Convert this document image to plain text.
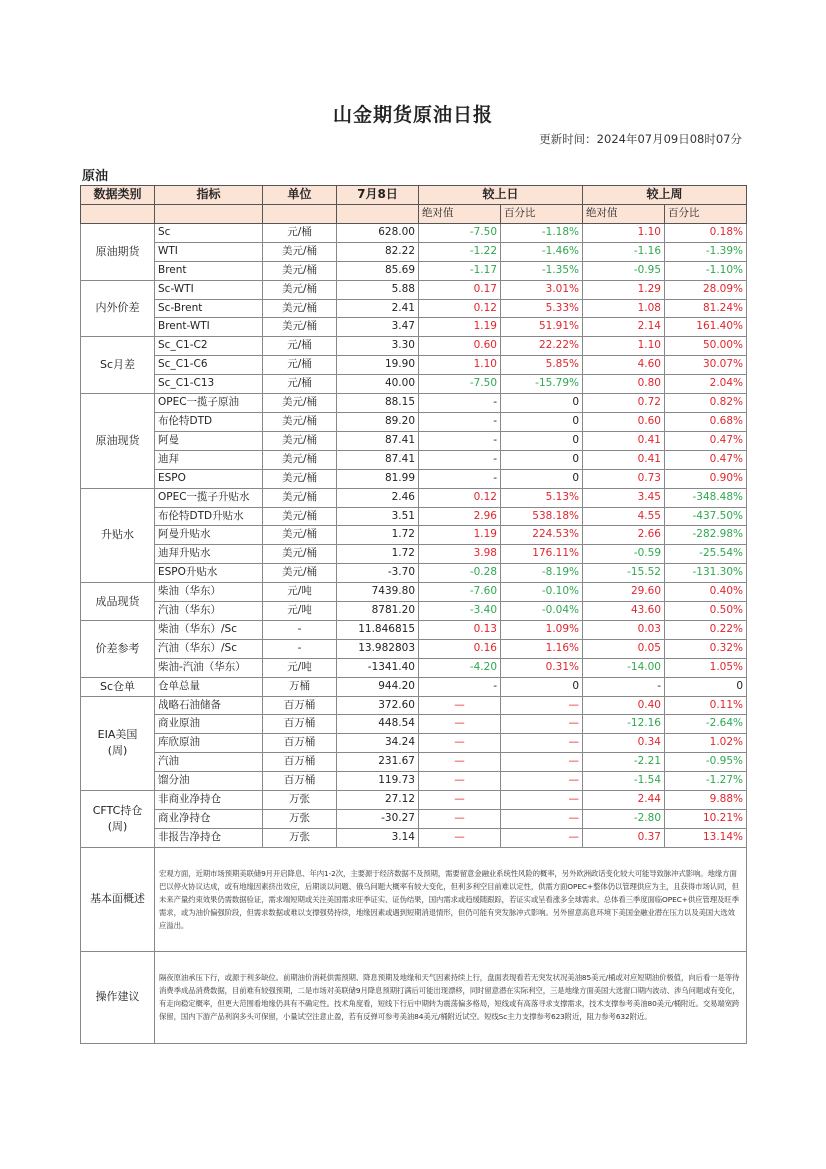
山金期货原油日报
更新时间：2024年07月09日08时07分
原油
数据类别	指标	单位	7月8日	较上日		较上周	
				绝对值	百分比	绝对值	百分比
原油期货	Sc	元/桶	628.00	-7.50	-1.18%	1.10	0.18%
	WTI	美元/桶	82.22	-1.22	-1.46%	-1.16	-1.39%
	Brent	美元/桶	85.69	-1.17	-1.35%	-0.95	-1.10%
内外价差	Sc-WTI	美元/桶	5.88	0.17	3.01%	1.29	28.09%
	Sc-Brent	美元/桶	2.41	0.12	5.33%	1.08	81.24%
	Brent-WTI	美元/桶	3.47	1.19	51.91%	2.14	161.40%
Sc月差	Sc_C1-C2	元/桶	3.30	0.60	22.22%	1.10	50.00%
	Sc_C1-C6	元/桶	19.90	1.10	5.85%	4.60	30.07%
	Sc_C1-C13	元/桶	40.00	-7.50	-15.79%	0.80	2.04%
原油现货	OPEC一揽子原油	美元/桶	88.15	-	0	0.72	0.82%
	布伦特DTD	美元/桶	89.20	-	0	0.60	0.68%
	阿曼	美元/桶	87.41	-	0	0.41	0.47%
	迪拜	美元/桶	87.41	-	0	0.41	0.47%
	ESPO	美元/桶	81.99	-	0	0.73	0.90%
升贴水	OPEC一揽子升贴水	美元/桶	2.46	0.12	5.13%	3.45	-348.48%
	布伦特DTD升贴水	美元/桶	3.51	2.96	538.18%	4.55	-437.50%
	阿曼升贴水	美元/桶	1.72	1.19	224.53%	2.66	-282.98%
	迪拜升贴水	美元/桶	1.72	3.98	176.11%	-0.59	-25.54%
	ESPO升贴水	美元/桶	-3.70	-0.28	-8.19%	-15.52	-131.30%
成品现货	柴油（华东）	元/吨	7439.80	-7.60	-0.10%	29.60	0.40%
	汽油（华东）	元/吨	8781.20	-3.40	-0.04%	43.60	0.50%
价差参考	柴油（华东）/Sc	-	11.846815	0.13	1.09%	0.03	0.22%
	汽油（华东）/Sc	-	13.982803	0.16	1.16%	0.05	0.32%
	柴油-汽油（华东）	元/吨	-1341.40	-4.20	0.31%	-14.00	1.05%
Sc仓单	仓单总量	万桶	944.20	-	0	-	0
EIA美国
(周)	战略石油储备	百万桶	372.60	—	—	0.40	0.11%
	商业原油	百万桶	448.54	—	—	-12.16	-2.64%
	库欣原油	百万桶	34.24	—	—	0.34	1.02%
	汽油	百万桶	231.67	—	—	-2.21	-0.95%
	馏分油	百万桶	119.73	—	—	-1.54	-1.27%
CFTC持仓
(周)	非商业净持仓	万张	27.12	—	—	2.44	9.88%
	商业净持仓	万张	-30.27	—	—	-2.80	10.21%
	非报告净持仓	万张	3.14	—	—	0.37	13.14%
基本面概述	宏观方面，近期市场预期美联储9月开启降息、年内1-2次，主要源于经济数据不及预期，需要留意金融业系统性风险的概率，另外欧洲政话变化较大可能导致脉冲式影响。地缘方面巴以停火协议达成，或有地缘因素挤出效应，后期谈以问题、俄乌问题大概率有较大变化，但利多利空目前难以定性，供需方面OPEC+整体仍以管理供应为主，且获得市场认同，但未来产量约束效果仍需数据验证，需求端短期或关注美国需求旺季证实、证伪结果，国内需求或趋缓随跟踪，若证实或呈看涨多全球需求。总体看三季度面临OPEC+供应管理及旺季需求，或为油价偏强阶段，但需求数据或难以支撑强势持续，地缘因素或遇到短期消退情形，但仍可能有突发脉冲式影响。另外留意高息环境下美国金融业潜在压力以及美国大选效应溢出。						
操作建议	隔夜原油承压下行，或源于利多缺位。前期油价消耗供需预期、降息预期及地缘和天气因素持续上行，盘面表现看若无突发状况美油85美元/桶或对应短期油价极值，向后看一是等待消费季成品消费数据，目前难有较强预期，二是市场对美联储9月降息预期打满后可能出现漂移，同时留意潜在实际利空，三是地缘方面美国大选窗口期内波动、涉乌问题或有变化，有走向稳定概率，但更大范围看地缘仍具有不确定性。技术角度看，短线下行后中期转为震荡偏多格局，短线或有高落寻求支撑需求，技术支撑参考美油80美元/桶附近。交易端宽跨保留，国内下游产品利润多头可保留，小量试空注意止盈，若有反弹可参考美油84美元/桶附近试空。短线Sc主力支撑参考623附近，阻力参考632附近。						
